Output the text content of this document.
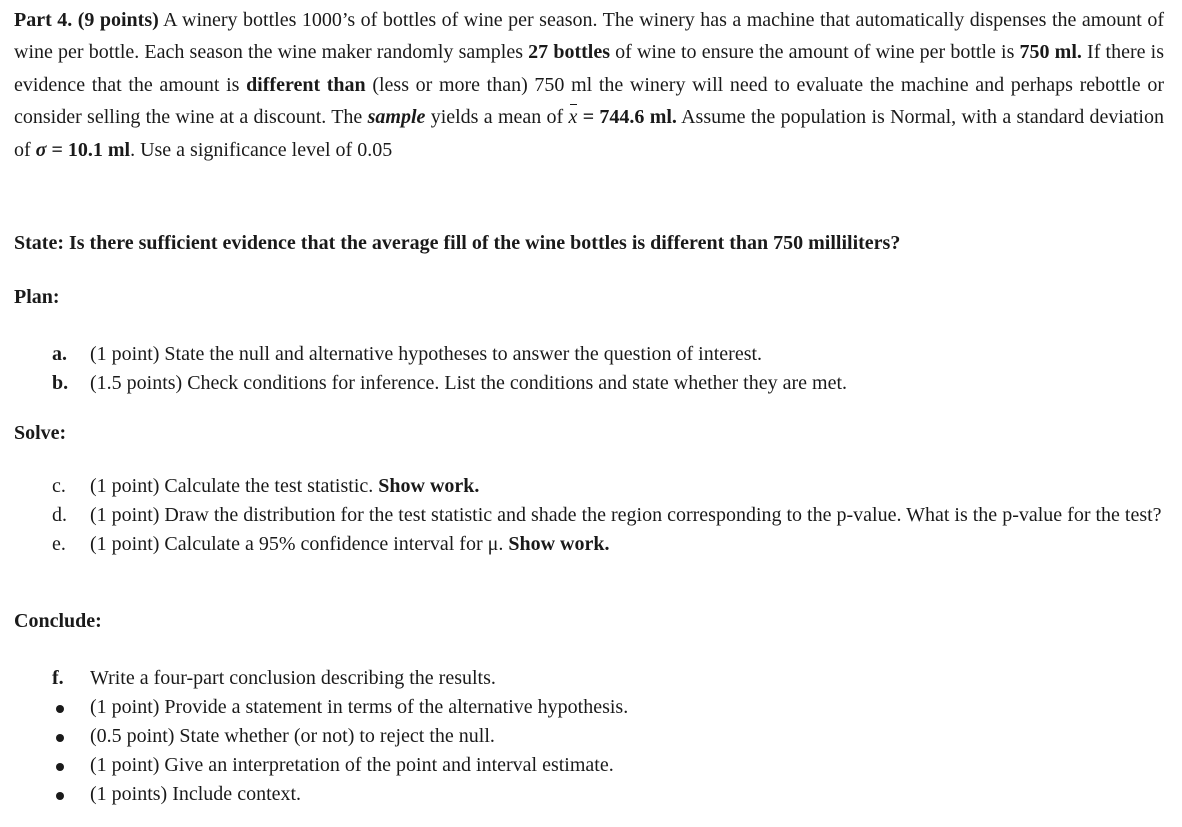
Part 4. (9 points) A winery bottles 1000’s of bottles of wine per season. The winery has a machine that automatically dispenses the amount of wine per bottle. Each season the wine maker randomly samples 27 bottles of wine to ensure the amount of wine per bottle is 750 ml. If there is evidence that the amount is different than (less or more than) 750 ml the winery will need to evaluate the machine and perhaps rebottle or consider selling the wine at a discount. The sample yields a mean of x = 744.6 ml. Assume the population is Normal, with a standard deviation of σ = 10.1 ml. Use a significance level of 0.05

State: Is there sufficient evidence that the average fill of the wine bottles is different than 750 milliliters?

Plan:

a. (1 point) State the null and alternative hypotheses to answer the question of interest.
b. (1.5 points) Check conditions for inference. List the conditions and state whether they are met.

Solve:

c. (1 point) Calculate the test statistic. Show work.
d. (1 point) Draw the distribution for the test statistic and shade the region corresponding to the p-value. What is the p-value for the test?
e. (1 point) Calculate a 95% confidence interval for μ. Show work.

Conclude:

f. Write a four-part conclusion describing the results.
(1 point) Provide a statement in terms of the alternative hypothesis.
(0.5 point) State whether (or not) to reject the null.
(1 point) Give an interpretation of the point and interval estimate.
(1 points) Include context.
